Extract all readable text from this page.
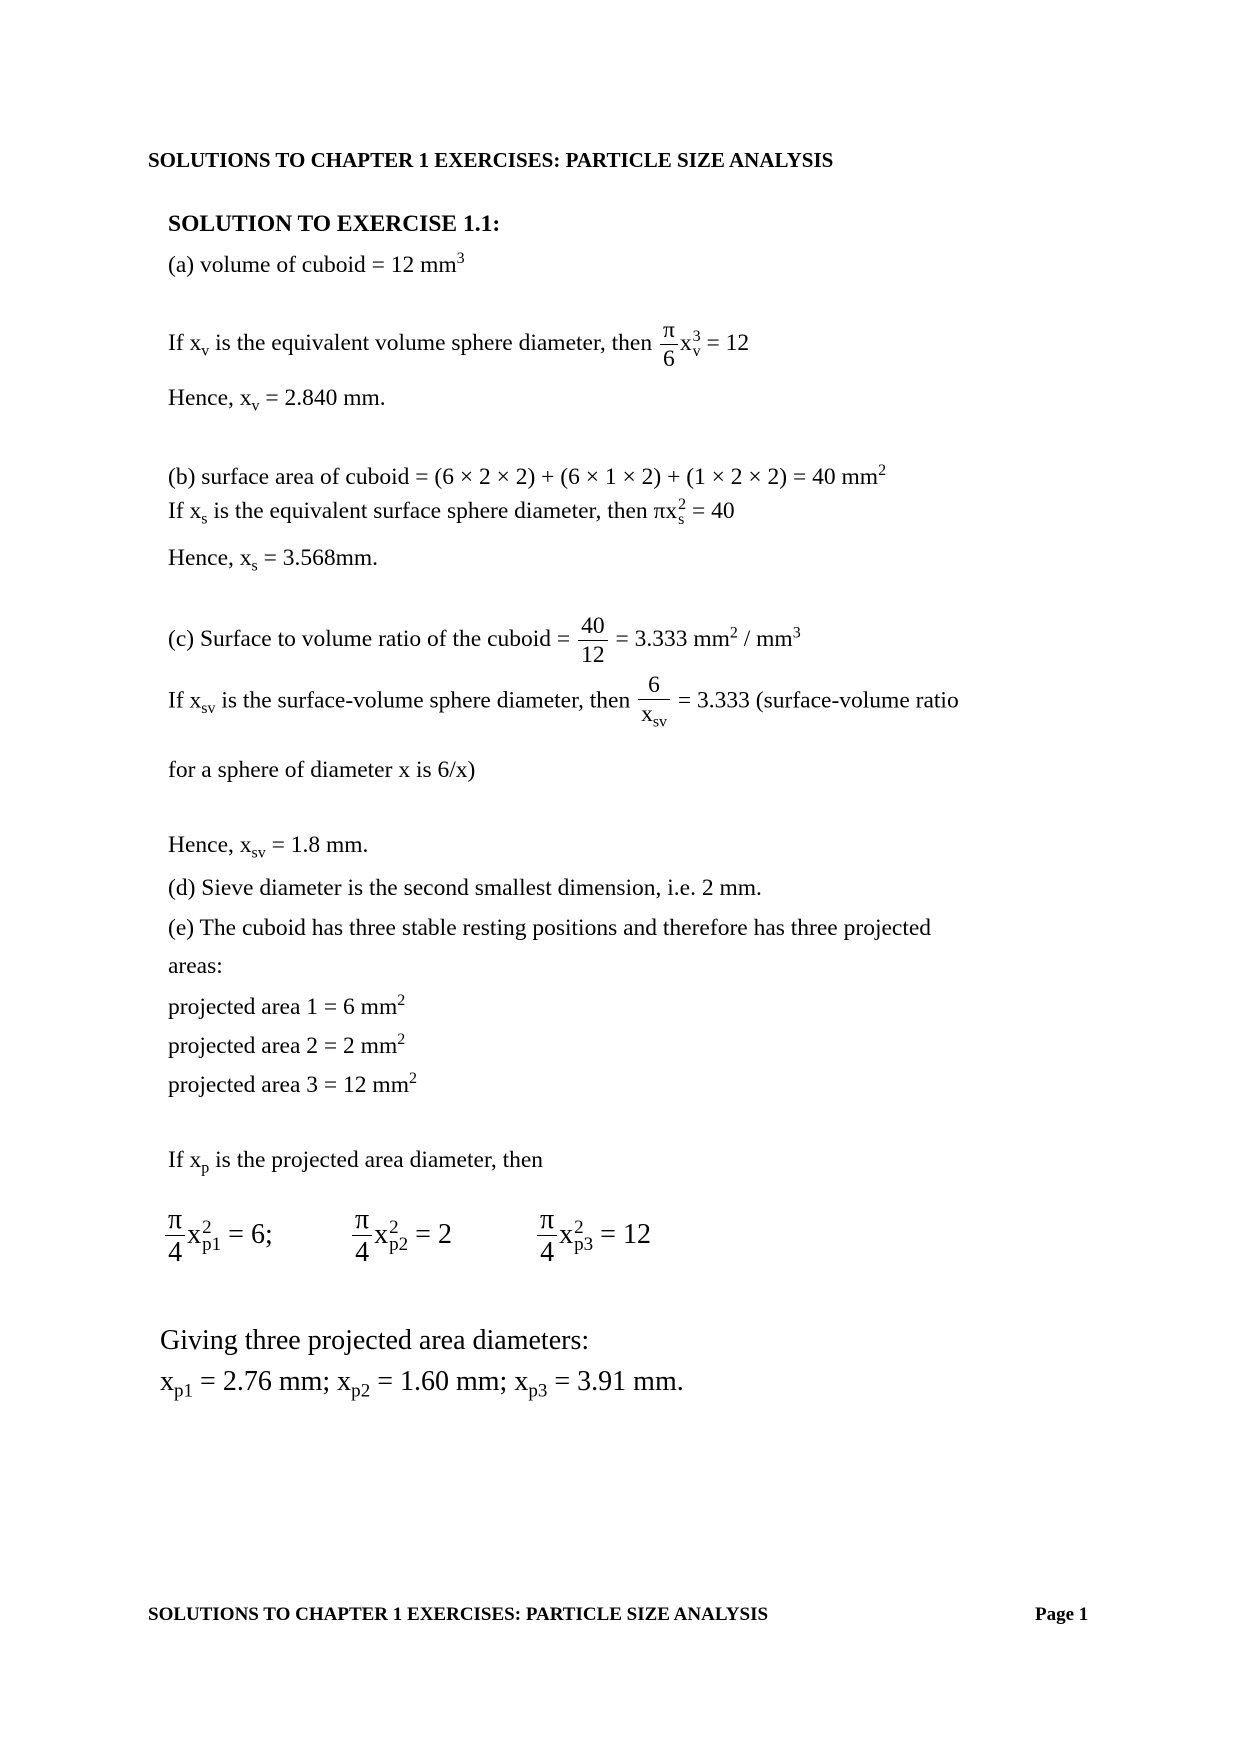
SOLUTIONS TO CHAPTER 1 EXERCISES: PARTICLE SIZE ANALYSIS
SOLUTION TO EXERCISE 1.1:
(a) volume of cuboid = 12 $mm^3$
If $x_v$ is the equivalent volume sphere diameter, then $\frac{\pi}{6}$ x 3
v = 12
Hence, $x_v = 2.840$ mm.
(b) surface area of cuboid = (6 × 2 × 2) + (6 × 1 × 2) + (1 × 2 × 2) = 40 $mm^2$
If $x_s$ is the equivalent surface sphere diameter, then πx 2
s = 40
Hence, $x_s = 3.568mm$.
(c) Surface to volume ratio of the cuboid = $\frac{40}{12} = 3.333$ $mm^2 / mm^3$
If $x_{sv}$ is the surface-volume sphere diameter, then $\frac{6}{x_{sv}} = 3.333$ (surface-volume ratio
for a sphere of diameter x is 6/x)
Hence, $x_{sv} = 1.8$ mm.
(d) Sieve diameter is the second smallest dimension, i.e. 2 mm.
(e) The cuboid has three stable resting positions and therefore has three projected
areas:
projected area 1 = 6 $mm^2$
projected area 2 = 2 $mm^2$
projected area 3 = 12 $mm^2$
If $x_p$ is the projected area diameter, then
$\frac{\pi}{4}$ x 2
p1 = 6;	$\frac{\pi}{4}$ x 2
p2 = 2	$\frac{\pi}{4}$ x 2
p3 = 12
Giving three projected area diameters:
$x_{p1} = 2.76$ mm; $x_{p2} = 1.60$ mm; $x_{p3} = 3.91$ mm.
SOLUTIONS TO CHAPTER 1 EXERCISES: PARTICLE SIZE ANALYSIS	Page 1
